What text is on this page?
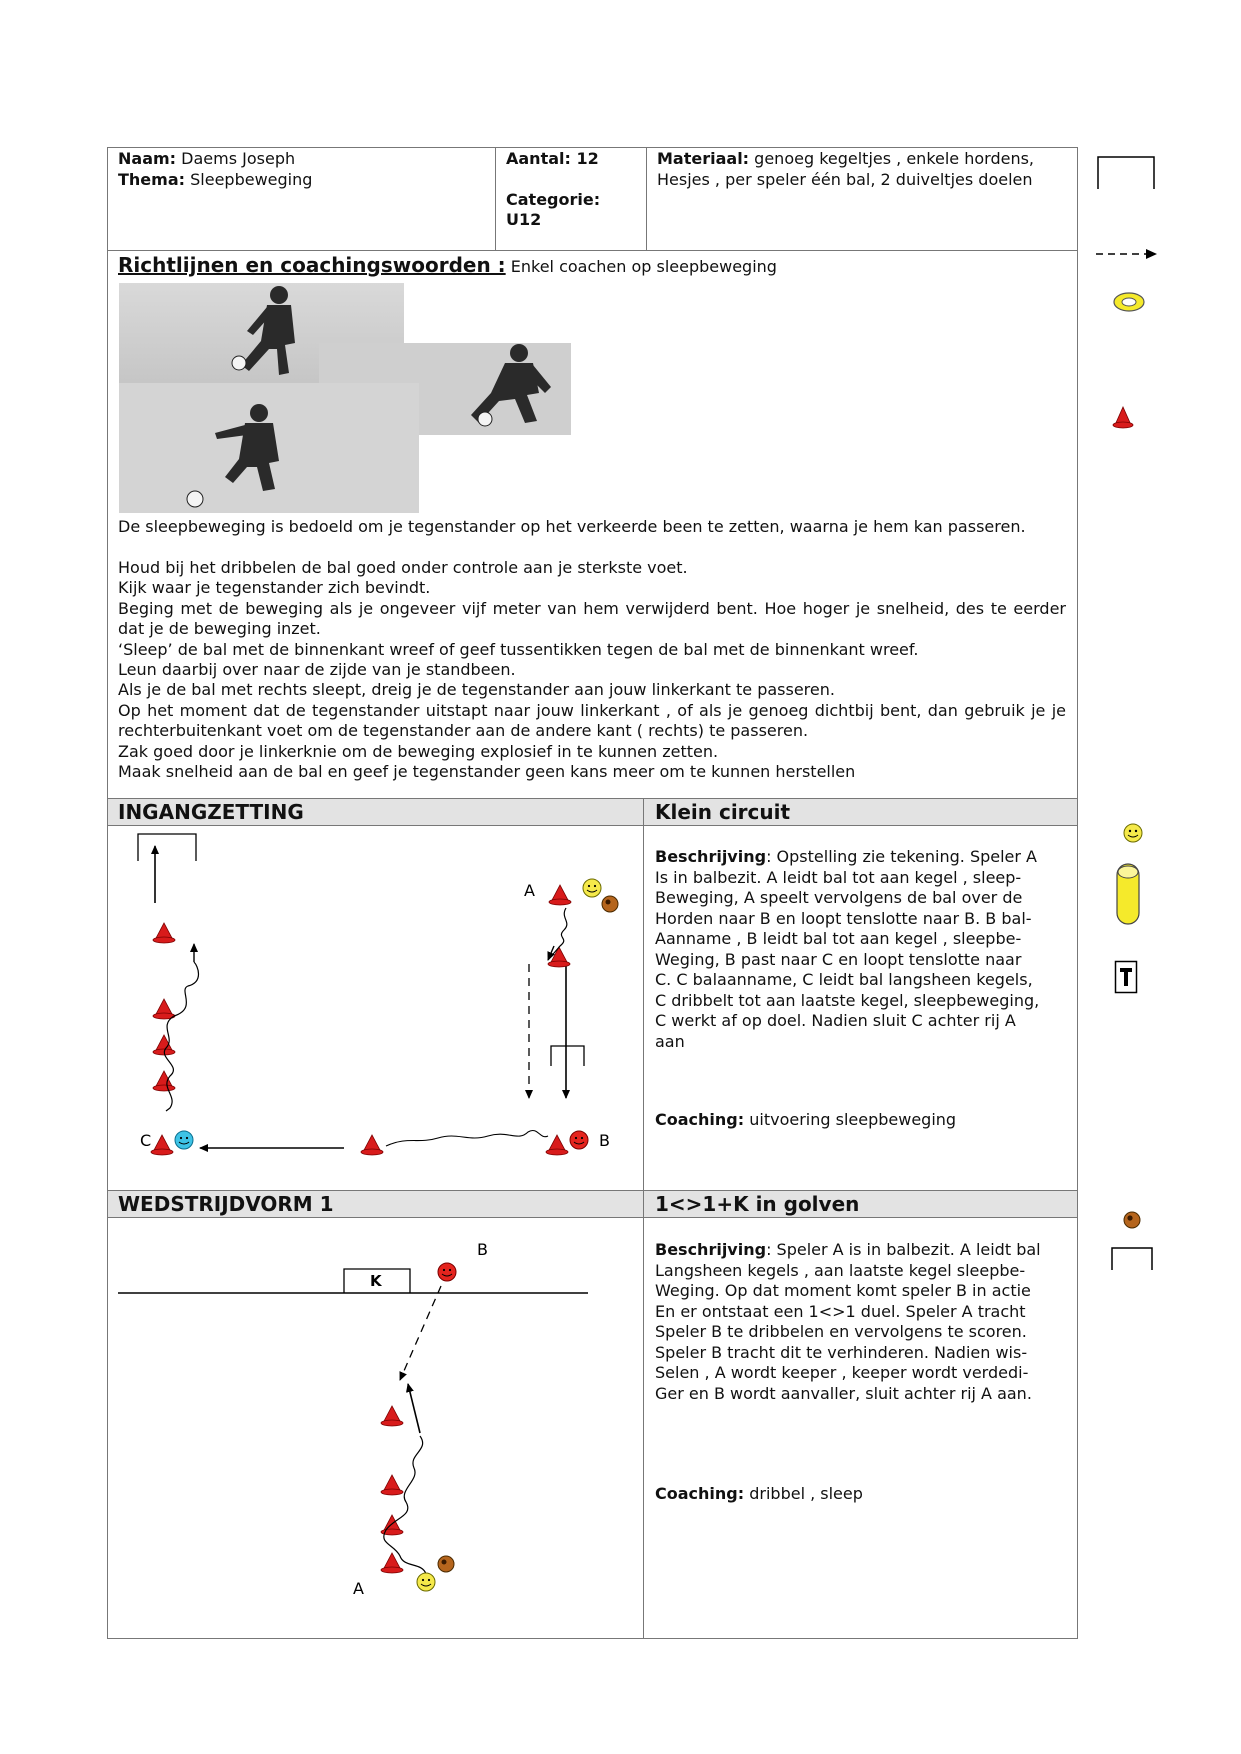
Naam: Daems Joseph
Thema: Sleepbeweging
Aantal: 12
Categorie:
U12
Materiaal: genoeg kegeltjes , enkele hordens,
Hesjes , per speler één bal, 2 duiveltjes doelen
Richtlijnen en coachingswoorden : Enkel coachen op sleepbeweging
De sleepbeweging is bedoeld om je tegenstander op het verkeerde been te zetten, waarna je hem kan passeren.
Houd bij het dribbelen de bal goed onder controle aan je sterkste voet.
Kijk waar je tegenstander zich bevindt.
Beging met de beweging als je ongeveer vijf meter van hem verwijderd bent. Hoe hoger je snelheid, des te eerder dat je de beweging inzet.
‘Sleep’ de bal met de binnenkant wreef of geef tussentikken tegen de bal met de binnenkant wreef.
Leun daarbij over naar de zijde van je standbeen.
Als je de bal met rechts sleept, dreig je de tegenstander aan jouw linkerkant te passeren.
Op het moment dat de tegenstander uitstapt naar jouw linkerkant , of als je genoeg dichtbij bent, dan gebruik je je rechterbuitenkant voet om de tegenstander aan de andere kant ( rechts) te passeren.
Zak goed door je linkerknie om de beweging explosief in te kunnen zetten.
Maak snelheid aan de bal en geef je tegenstander geen kans meer om te kunnen herstellen
INGANGZETTING	Klein circuit
Beschrijving: Opstelling zie tekening. Speler A
Is in balbezit. A leidt bal tot aan kegel , sleep-
Beweging, A speelt vervolgens de bal over de
Horden naar B en loopt tenslotte naar B. B bal-
Aanname , B leidt bal tot aan kegel , sleepbe-
Weging, B past naar C en loopt tenslotte naar
C. C balaanname, C leidt bal langsheen kegels,
C dribbelt tot aan laatste kegel, sleepbeweging,
C werkt af op doel. Nadien sluit C achter rij A
aan
Coaching: uitvoering sleepbeweging
C	B
A
WEDSTRIJDVORM 1	1<>1+K in golven
Beschrijving: Speler A is in balbezit. A leidt bal
Langsheen kegels , aan laatste kegel sleepbe-
Weging. Op dat moment komt speler B in actie
En er ontstaat een 1<>1 duel. Speler A tracht
Speler B te dribbelen en vervolgens te scoren.
Speler B tracht dit te verhinderen. Nadien wis-
Selen , A wordt keeper , keeper wordt verdedi-
Ger en B wordt aanvaller, sluit achter rij A aan.
Coaching: dribbel , sleep
K
B
A
